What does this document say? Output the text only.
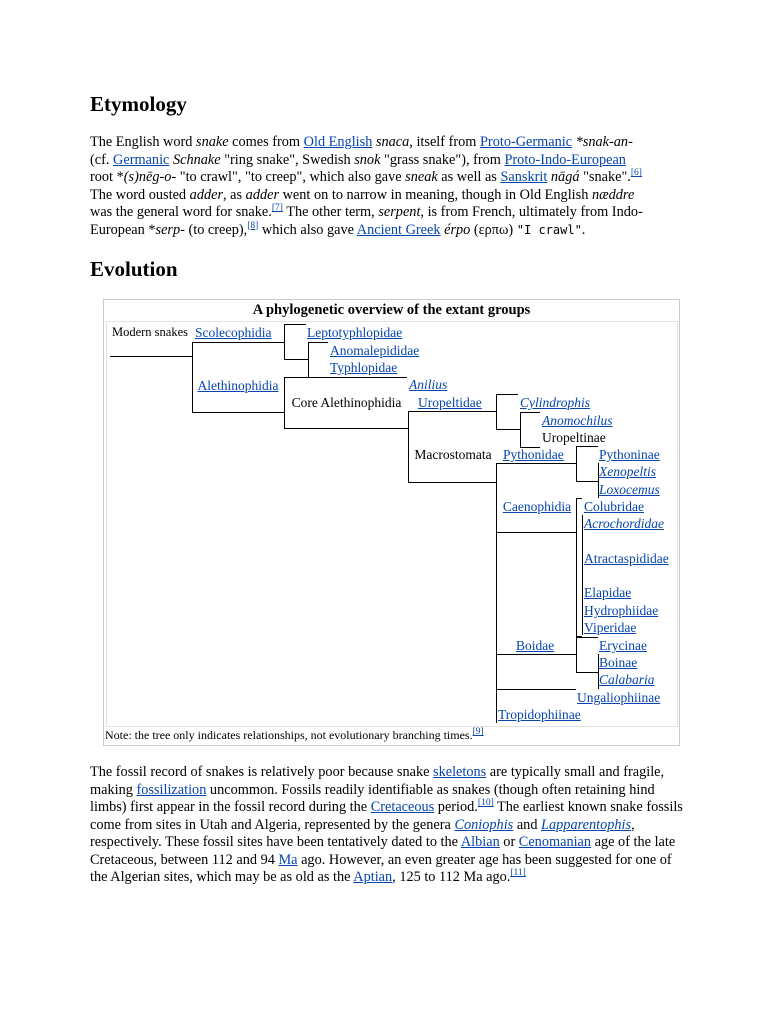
Etymology

The English word snake comes from Old English snaca, itself from Proto-Germanic *snak-an-
(cf. Germanic Schnake "ring snake", Swedish snok "grass snake"), from Proto-Indo-European
root *(s)nēg-o- "to crawl", "to creep", which also gave sneak as well as Sanskrit nāgá "snake".[6]
The word ousted adder, as adder went on to narrow in meaning, though in Old English næddre
was the general word for snake.[7] The other term, serpent, is from French, ultimately from Indo-European *serp- (to creep),[8] which also gave Ancient Greek érpo (ερπω) "I crawl".

Evolution
A phylogenetic overview of the extant groups
Modern snakes Scolecophidia	Leptotyphlopidae
Anomalepididae
Typhlopidae
Alethinophidia
Core Alethinophidia
Anilius
Uropeltidae	Cylindrophis
Anomochilus
Uropeltinae
Macrostomata Pythonidae	Pythoninae
Xenopeltis
Loxocemus
Caenophidia Colubridae
Acrochordidae
Atractaspididae
Elapidae
Hydrophiidae
Viperidae
Boidae	Erycinae
Boinae
Calabaria
Ungaliophiinae
Tropidophiinae
Note: the tree only indicates relationships, not evolutionary branching times.[9]

The fossil record of snakes is relatively poor because snake skeletons are typically small and fragile, making fossilization uncommon. Fossils readily identifiable as snakes (though often retaining hind limbs) first appear in the fossil record during the Cretaceous period.[10] The earliest known snake fossils come from sites in Utah and Algeria, represented by the genera Coniophis and Lapparentophis, respectively. These fossil sites have been tentatively dated to the Albian or Cenomanian age of the late Cretaceous, between 112 and 94 Ma ago. However, an even greater age has been suggested for one of the Algerian sites, which may be as old as the Aptian, 125 to 112 Ma ago.[11]
